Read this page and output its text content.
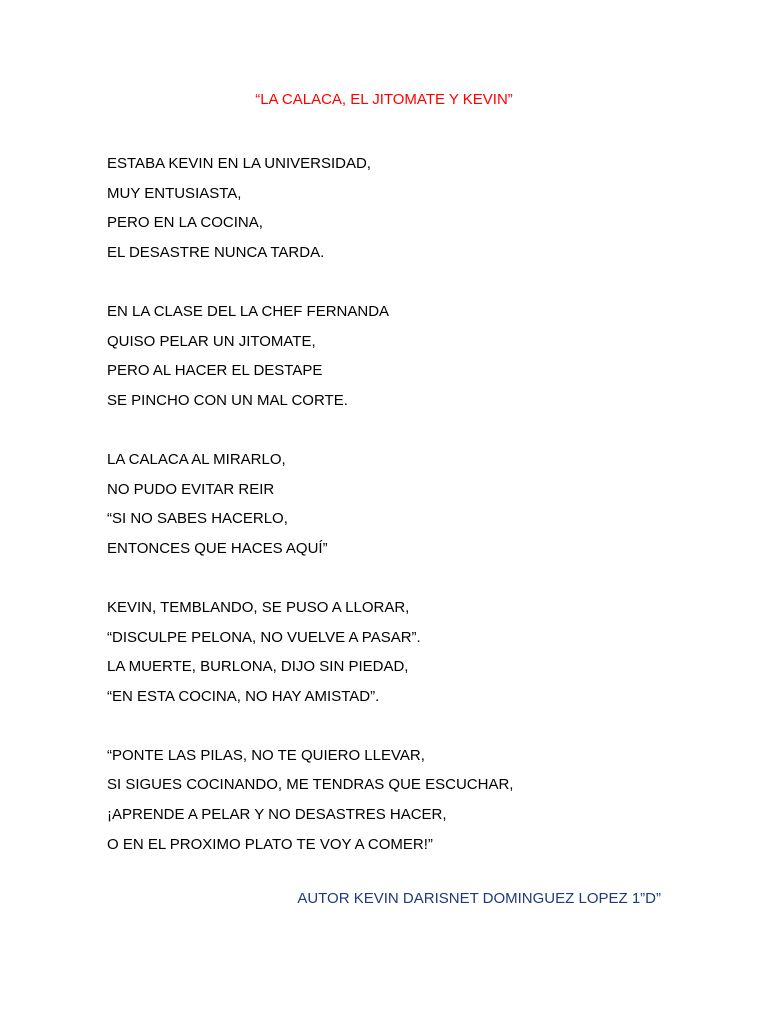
“LA CALACA, EL JITOMATE Y KEVIN”
ESTABA KEVIN EN LA UNIVERSIDAD,
MUY ENTUSIASTA,
PERO EN LA COCINA,
EL DESASTRE NUNCA TARDA.
EN LA CLASE DEL LA CHEF FERNANDA
QUISO PELAR UN JITOMATE,
PERO AL HACER EL DESTAPE
SE PINCHO CON UN MAL CORTE.
LA CALACA AL MIRARLO,
NO PUDO EVITAR REIR
“SI NO SABES HACERLO,
ENTONCES QUE HACES AQUÍ”
KEVIN, TEMBLANDO, SE PUSO A LLORAR,
“DISCULPE PELONA, NO VUELVE A PASAR”.
LA MUERTE, BURLONA, DIJO SIN PIEDAD,
“EN ESTA COCINA, NO HAY AMISTAD”.
“PONTE LAS PILAS, NO TE QUIERO LLEVAR,
SI SIGUES COCINANDO, ME TENDRAS QUE ESCUCHAR,
¡APRENDE A PELAR Y NO DESASTRES HACER,
O EN EL PROXIMO PLATO TE VOY A COMER!”
AUTOR KEVIN DARISNET DOMINGUEZ LOPEZ 1”D”
